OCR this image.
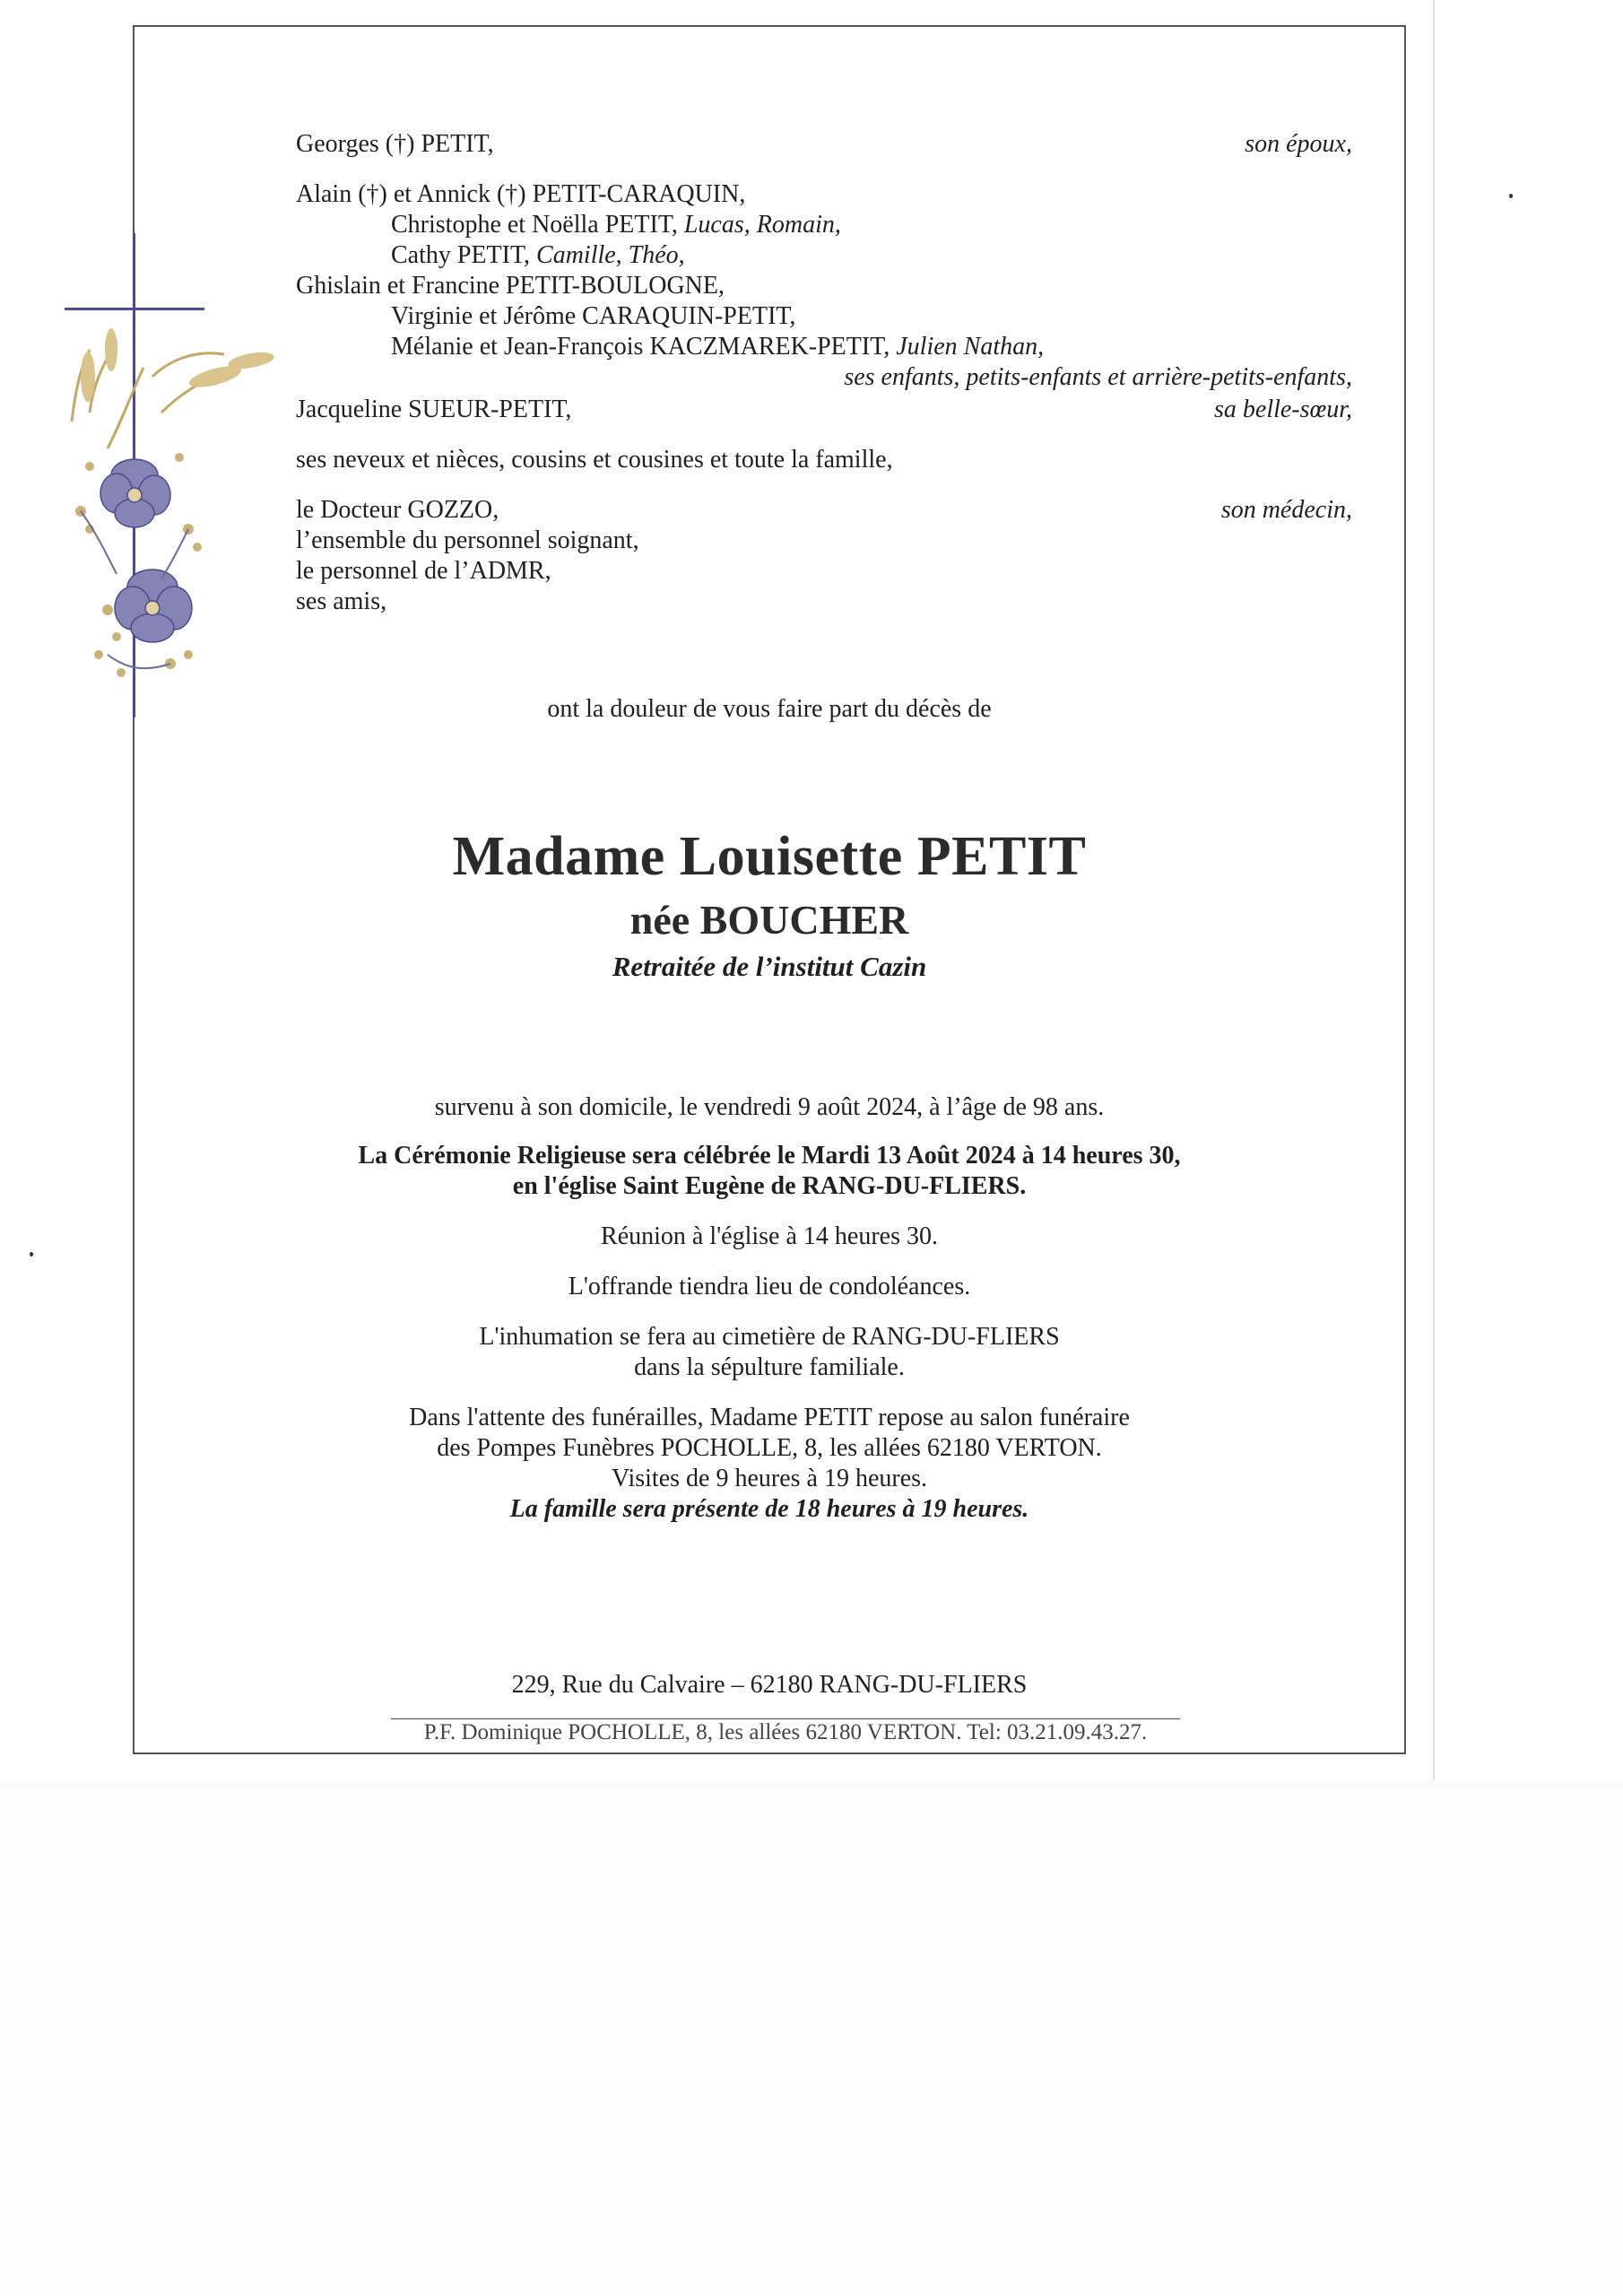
Georges (†) PETIT,	son époux,
Alain (†) et Annick (†) PETIT-CARAQUIN,
Christophe et Noëlla PETIT, Lucas, Romain,
Cathy PETIT, Camille, Théo,
Ghislain et Francine PETIT-BOULOGNE,
Virginie et Jérôme CARAQUIN-PETIT,
Mélanie et Jean-François KACZMAREK-PETIT, Julien Nathan,
ses enfants, petits-enfants et arrière-petits-enfants,
Jacqueline SUEUR-PETIT,	sa belle-sœur,
ses neveux et nièces, cousins et cousines et toute la famille,
le Docteur GOZZO,	son médecin,
l’ensemble du personnel soignant,
le personnel de l’ADMR,
ses amis,
ont la douleur de vous faire part du décès de
Madame Louisette PETIT
née BOUCHER
Retraitée de l’institut Cazin
survenu à son domicile, le vendredi 9 août 2024, à l’âge de 98 ans.
La Cérémonie Religieuse sera célébrée le Mardi 13 Août 2024 à 14 heures 30,
en l'église Saint Eugène de RANG-DU-FLIERS.
Réunion à l'église à 14 heures 30.
L'offrande tiendra lieu de condoléances.
L'inhumation se fera au cimetière de RANG-DU-FLIERS
dans la sépulture familiale.
Dans l'attente des funérailles, Madame PETIT repose au salon funéraire
des Pompes Funèbres POCHOLLE, 8, les allées 62180 VERTON.
Visites de 9 heures à 19 heures.
La famille sera présente de 18 heures à 19 heures.
229, Rue du Calvaire – 62180 RANG-DU-FLIERS
P.F. Dominique POCHOLLE, 8, les allées 62180 VERTON. Tel: 03.21.09.43.27.
